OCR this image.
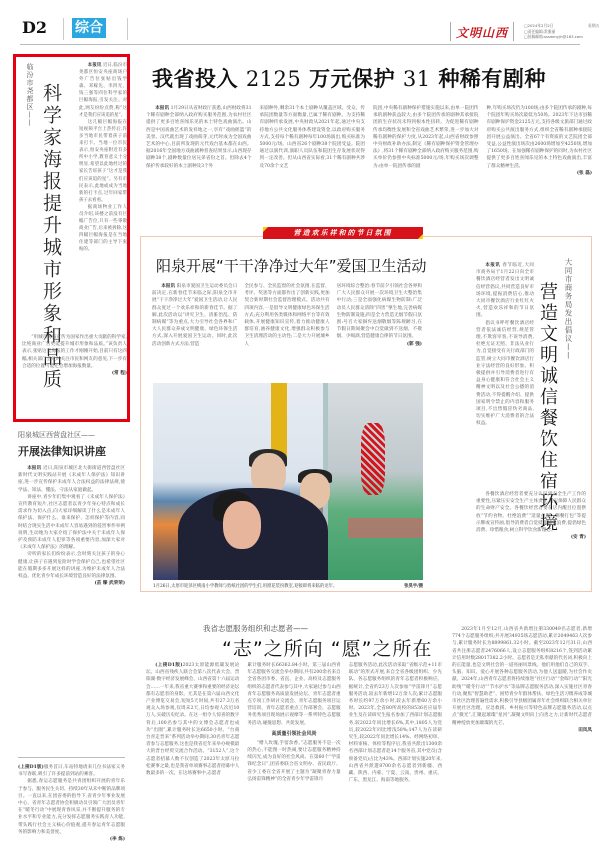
D2 综合	文明山西
□2024年2月2日	星期五
□责任编辑:常雅丽
□投稿邮箱:ssswmyjh@163.com
临汾市尧都区—— 科学家海报提升城市形象和品质

本报讯 近日,临汾市尧都区恒安央座商场户外广告位张贴出钱学森、邓稼先、李四光、钱三强等四位科学家的巨幅海报,引发关注。对此,网友纷纷点赞,称“这才是我们应该追的星”。

这几幅巨幅海报在短视频平台上热传后,许多当地市民带着孩子前来打卡。当地一位市民表示,恒安央座附近有多所中小学,教育意义十分明显,希望以此地经过的家长告诉孩子“这才是我们应该追的星”。另有市民表示,此地或成为当地新的打卡点,过年回家带孩子去看看。

据商场物业工作人员介绍,该楼之前没有巨幅广告位,只有一些零散商业广告,后来被拆除,这四幅巨幅海报是在当地住建等部门的主导下张贴的。

“用城市海报宣传为国家作出重大贡献的科学家,比纯商业广告更能提升城市形象和品质。”该负责人表示,张贴这类海报的工作才刚刚开始,目前只有这四幅,相关部门会及时关注市民和网友的意见,下一步有合适的位置可能还会增加海报数量。

(常 程)
阳泉城区西营盘社区——
开展法律知识讲座

本报讯 近日,阳泉市城区北大街街道西营盘社区新时代文明实践站开展《未成年人保护法》知识讲座,进一步宣传保护未成年人合法权益的法律法规,使学法、知法、懂法、守法从家庭做起。

讲座中,青少年们集中观看了《未成年人保护法》宣传教育短片,社区志愿者以青少年身心特点和成长需求作为切入点,向大家详细解读了什么是未成年人保护法、保护什么、谁来保护、怎样保护等内容,同时结合现实生活中未成年人容易遇到的侵害事件举例说明,生动地为大家介绍了保护法中关于未成年人保护及预防未成年人犯罪等各项重要内容,加深大家对《未成年人保护法》的理解。

旁听的家长们纷纷表示,会时刻关注孩子的身心健康,让孩子在遇到危险时学会保护自己,也希望社区能在假期多多开展这样的讲座,为维护未成年人合法权益、优化青少年成长环境营造良好的法律氛围。

(苗 臻 武荣荣)

(上接D1版)服务首日,车站特地请来几位书法家义务书写春联,吸引了许多提前到站的乘客。

据悉,春运志愿服务是共青团组织开展的青年乐于参与、服务民生关切、持续30年从未中断的品牌项目。一直以来,在团省委的指导下,省青少年事业发展中心、省青年志愿者协会积极动员引领广大团员青年在“暖冬行动”中展现青春风采,并不断提升服务的专业水平和专业能力,充分发挥志愿服务实践育人功能,带头践行社会主义核心价值观,提升春运青年志愿服务的影响力和美誉度。

(李 炼)
我省投入 2125 万元保护 31 种稀有剧种

本报讯 1月29日从省财政厅获悉,山西财政将31个稀有剧种全部纳入政府购买服务范围,为农村社区提供了更多百姓喜闻乐见的本土特色戏曲演出。山西是中国戏曲艺术的发祥地之一,享有“戏曲摇篮”的美誉。汉代就出现了戏曲萌芽,元代时成为全国戏曲艺术的中心,目前所发现的元代戏台基本都在山西。据2016年全国地方戏曲剧种普查结果显示,山西现存剧种38个,剧种数量位居兄弟省份之首。但除去4个保护传承较好的本土剧种及3个外

来剧种外,剩余31个本土剧种从覆盖区域、受众、传承院团数量等方面衡量,已属于稀有剧种。为支持稀有剧种传承发展,中央财政从2021年起,通过中央支持地方公共文化服务体系建设资金,以政府购买服务方式,支持每个稀有剧种每年100场演出,购买标准为5000元/场。山西省26个剧种38个院团受益。院团通过以演代训,演职人员队伍和院团生存发展状况得到一定改善。但从山西省实际看,31个稀有剧种共涉及70余个文艺

院团,中央稀有剧种保护措施实施以来,由单一院团传承的剧种获益较大,由多个院团传承的剧种其承接院团的生存状况未得到根本性扭转。为促进稀有剧种传承均衡性发展和全省戏曲艺术繁荣,进一步加大对稀有剧种的保护力度,从2023年起,山西省财政参照中央财政补助办法,制定《稀有剧种保护资金管理办法》,将31个稀有剧种全部纳入政府购买服务范围,购买单价仍参照中央标准5000元/场,年购买场次调整为:由单一院团传承的剧

种,年购买场次仍为100场;由多个院团传承的剧种,每个院团年购买场次最低为50场。2023年下达市县稀有剧种保护资金2125万元,支持各级文旅部门通过政府购买公共演出服务方式,组织全省稀有剧种承接院团开展公益演出。全省67个有资质的文艺院团全部受益,公益性演出场次由2600场增加至4250场,增加了1650场。在加强稀有剧种保护的同时,为农村社区提供了更多百姓喜闻乐见的本土特色戏曲演出,丰富了群众精神生活。

(张 磊)
营造欢乐祥和的节日氛围
阳泉开展“干干净净过大年”爱国卫生活动

本报讯 阳泉市爱国卫生运动委员会日前决定,在新春佳节来临之际,阳泉全市开展“干干净净过大年”爱国卫生活动,让人民群众度过一个欢乐祥和的新春佳节。据了解,此次活动以“讲究卫生、清脏治乱、防制病媒”等为重点,大力引导社会各界和广大人民群众养成文明健康、绿色环保生活方式,深入开展爱国卫生运动。同时,此次活动创新方式方法,营造

全民参与、全民监督的社会氛围,在监督、考评、奖惩等方面都作出了创新实践,更加契合新时期社会监督治理模式。活动共有四项内容,一是倡导文明健康绿色环保生活方式;充分利用各类媒体和网络平台等有效载体,开展健康知识宣传,着力推动健康人群培育,涵养健康文化,增强群众积极参与卫生清理活动的主动性;二是大力开展城乡人

居环境综合整治:春节前夕引领社会各界和广大人民群众开展一次环境卫生大整治集中行动;三是全面强化病媒生物防制:广泛动员人民群众清除“四害”孳生地,完善病媒生物防制设施;四是全力营造无烟节假日氛围:号召大家摒弃送烟敬烟等陈规陋习,在节假日期间聚会中自觉做到不送烟、不敬烟、少喝酒,营造健康自律的节日氛围。

(郭 强)
1月26日,太原市迎泽区桃南小学教师与剪纸社团的学生们,用窗花装扮教室,迎接即将来临的龙年。	张昊宇/摄
大同市商务局发出倡议——
营造文明诚信餐饮住宿环境

本报讯 春节临近,大同市商务局于1月22日向全市餐饮酒店经营者发出文明诚信经营倡议,共同营造良好市场环境,提振消费信心,推动大同市餐饮酒店行业红红火火,营造欢乐祥和的节日氛围。

倡议书呼吁餐饮酒店经营者依法诚信经营,规范管理,不欺客宰客,不误导消费,杜绝无证无照、非法从业行为,自觉接受有关行政部门的监管,树立大同市餐饮酒店行业守法经营的良好形象。积极提供并引导消费者进行有益身心健康和符合社会主义精神文明以及社会公德的消费活动,不得提醒介绍、提供国家明令禁止的内容和服务项目,不出售假冒伪劣商品,切实维护广大消费者的合法权益。

各餐饮酒店经营者要充分认识到安全生产工作的重要性,压紧压实安全生产主体责任,切实保障人民群众的生命财产安全。各餐饮经营者要在店内醒目位置摆放“节约食物、杜绝浪费”“适量点餐、剩餐打包”等提示牌或宣传画,倡导消费者自觉抵制铺张浪费,提倡绿色消费、珍惜粮食,树立科学饮食新理念。

(安 青)
我省志愿服务组织和志愿者——
“志”之所向 “愿”之所在

(上接D1版)2023太原能源低碳发展论坛、山西省残疾人联合会第八次代表大会、晋阳湖·数字经济发展峰会、山西省第十六届运动会……一年来,我省重大赛事和重要的经济论坛都有志愿者的身影。尤其是在第六届山西文化产业博览交易会,短短5天时间,共有27.3万名观众入场参观,仅周末2天,日均参观人次近10万人,实破历史纪录。在这一组令人惊喜的数字背后,100名参与其中的文博会志愿者也成功“出圈”,累计服务时长达6650小时。“台商台青走晋来”系列活动举办期间,30名青年志愿者参与志愿服务,这也是我省近年来举办规模最大的晋台经贸交流合作活动。“3152人”,这个志愿者招募人数不仅创造了2023年太原马拉松赛事之最,也是我省单项赛事志愿者招募中人数最多的一次。在这场赛事中,志愿者

累计服务时长66362.84小时。第三届山西青年志愿服务交流会举办期间,共有200余名来自全省各团市委、省直、企业、高校及志愿服务组织的志愿者代表参与其中,大家通过参与山西青年志愿服务高质量发展论坛、青年志愿者重点专项工作研讨交流会、青年志愿服务项目运营培训、青年志愿者重点工作部署会、志愿服务优秀项目现场展示观摩等一系列特色志愿服务活动,碰撞思想、共促发展。

高质量引领社会风尚

“赠人玫瑰,手留余香。”志愿服务不是一次的热心,不能图一时热闹,要让志愿服务精神持续闪光,成为良好的社会风尚。在第60个“学雷锋纪念日”,团省委联合省文明办、省民政厅、省少工委在全省开展了主题为“凝聚青春力量 弘扬雷锋精神”的全省青少年学雷锋月

志愿服务活动,此次活动采取“省级示范+11市联动”的形式开展,来自全省各级团组织、少先队、各志愿服务组织的青年志愿者积极响应。据统计,全省约23万人次参加“学雷锋月”志愿服务活动,较去年新增12万余人次;累计志愿服务时长约97万余小时,较去年新增60万余小时。2023年,全省80所高校的8536名应届毕业生及在读研究生报名参加了西部计划志愿服务,较2022年同比增长6%,其中,1805人为党员,较2022年同比增浅50%;147人为在读研究生,较2022年同比增长14%。经网络初审、材料审核、体检等程序后,我省共派出1300余名西部计划志愿者赴14个服务省,其中党员(含预备党员)占比为43%。西部计划实施20年来,山西省共派遣8700余名志愿者到新疆、西藏、陕西、内蒙、宁夏、云南、贵州、重庆、广东、黑龙江、海南等地服务。

2023年1月至12月,山西省共新增注册330049名志愿者,新增774个志愿服务组织;共开展34935场志愿活动,累计2049463人次参与,累计服务时长为8899861.32小时。截至2023年12月31日,山西省共注册志愿者2476066人,设立志愿服务组织8216个,签到活动累计信用时数28017382.2小时。志愿者是无私奉献的代名词,积极向上的正能量,也是文明社会的一道亮丽风景线。他们用他们自己的双手、头脑、知识、爱心开展各种志愿服务活动,为他人送温暖,为社会作贡献。2024年,山西青年志愿者将持续推进“社区行动”“金晖行动”“阳光助残”“暖冬行动”“节水护水”等品牌志愿服务活动,深入实施社区青春行动,聚焦“智慧助老”、困势青少年群体帮扶、绿色生活习惯养成等城市社区治理普遍性需求,积极引导县级团属青年社会组织联合相关单位开展社区治理、应急救援、乡村振兴等特色品牌志愿服务活动,以点点“微光”,汇聚起璀璨“星河”,凝聚文明向上向善之力,让新时代志愿者精神绽放更加璀璨的光芒。

田凤凤
